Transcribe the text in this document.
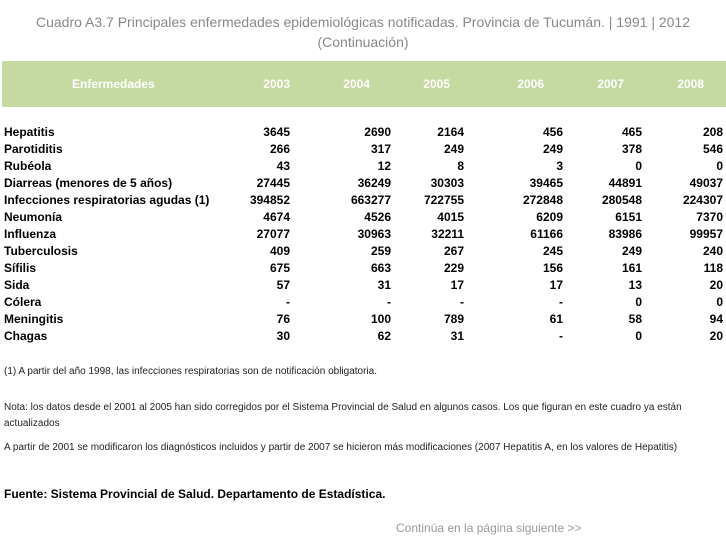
Cuadro A3.7 Principales enfermedades epidemiológicas notificadas. Provincia de Tucumán. | 1991 | 2012
(Continuación)
Enfermedades	2003	2004	2005	2006	2007	2008
Hepatitis	3645	2690	2164	456	465	208
Parotiditis	266	317	249	249	378	546
Rubéola	43	12	8	3	0	0
Diarreas (menores de 5 años)	27445	36249	30303	39465	44891	49037
Infecciones respiratorias agudas (1)	394852	663277	722755	272848	280548	224307
Neumonía	4674	4526	4015	6209	6151	7370
Influenza	27077	30963	32211	61166	83986	99957
Tuberculosis	409	259	267	245	249	240
Sífilis	675	663	229	156	161	118
Sida	57	31	17	17	13	20
Cólera	-	-	-	-	0	0
Meningitis	76	100	789	61	58	94
Chagas	30	62	31	-	0	20
(1) A partir del año 1998, las infecciones respiratorias son de notificación obligatoria.
Nota: los datos desde el 2001 al 2005 han sido corregidos por el Sistema Provincial de Salud en algunos casos. Los que figuran en este cuadro ya están actualizados
A partir de 2001 se modificaron los diagnósticos incluidos y partir de 2007 se hicieron más modificaciones (2007 Hepatitis A, en los valores de Hepatitis)
Fuente: Sistema Provincial de Salud. Departamento de Estadística.
Continúa en la página siguiente >>
